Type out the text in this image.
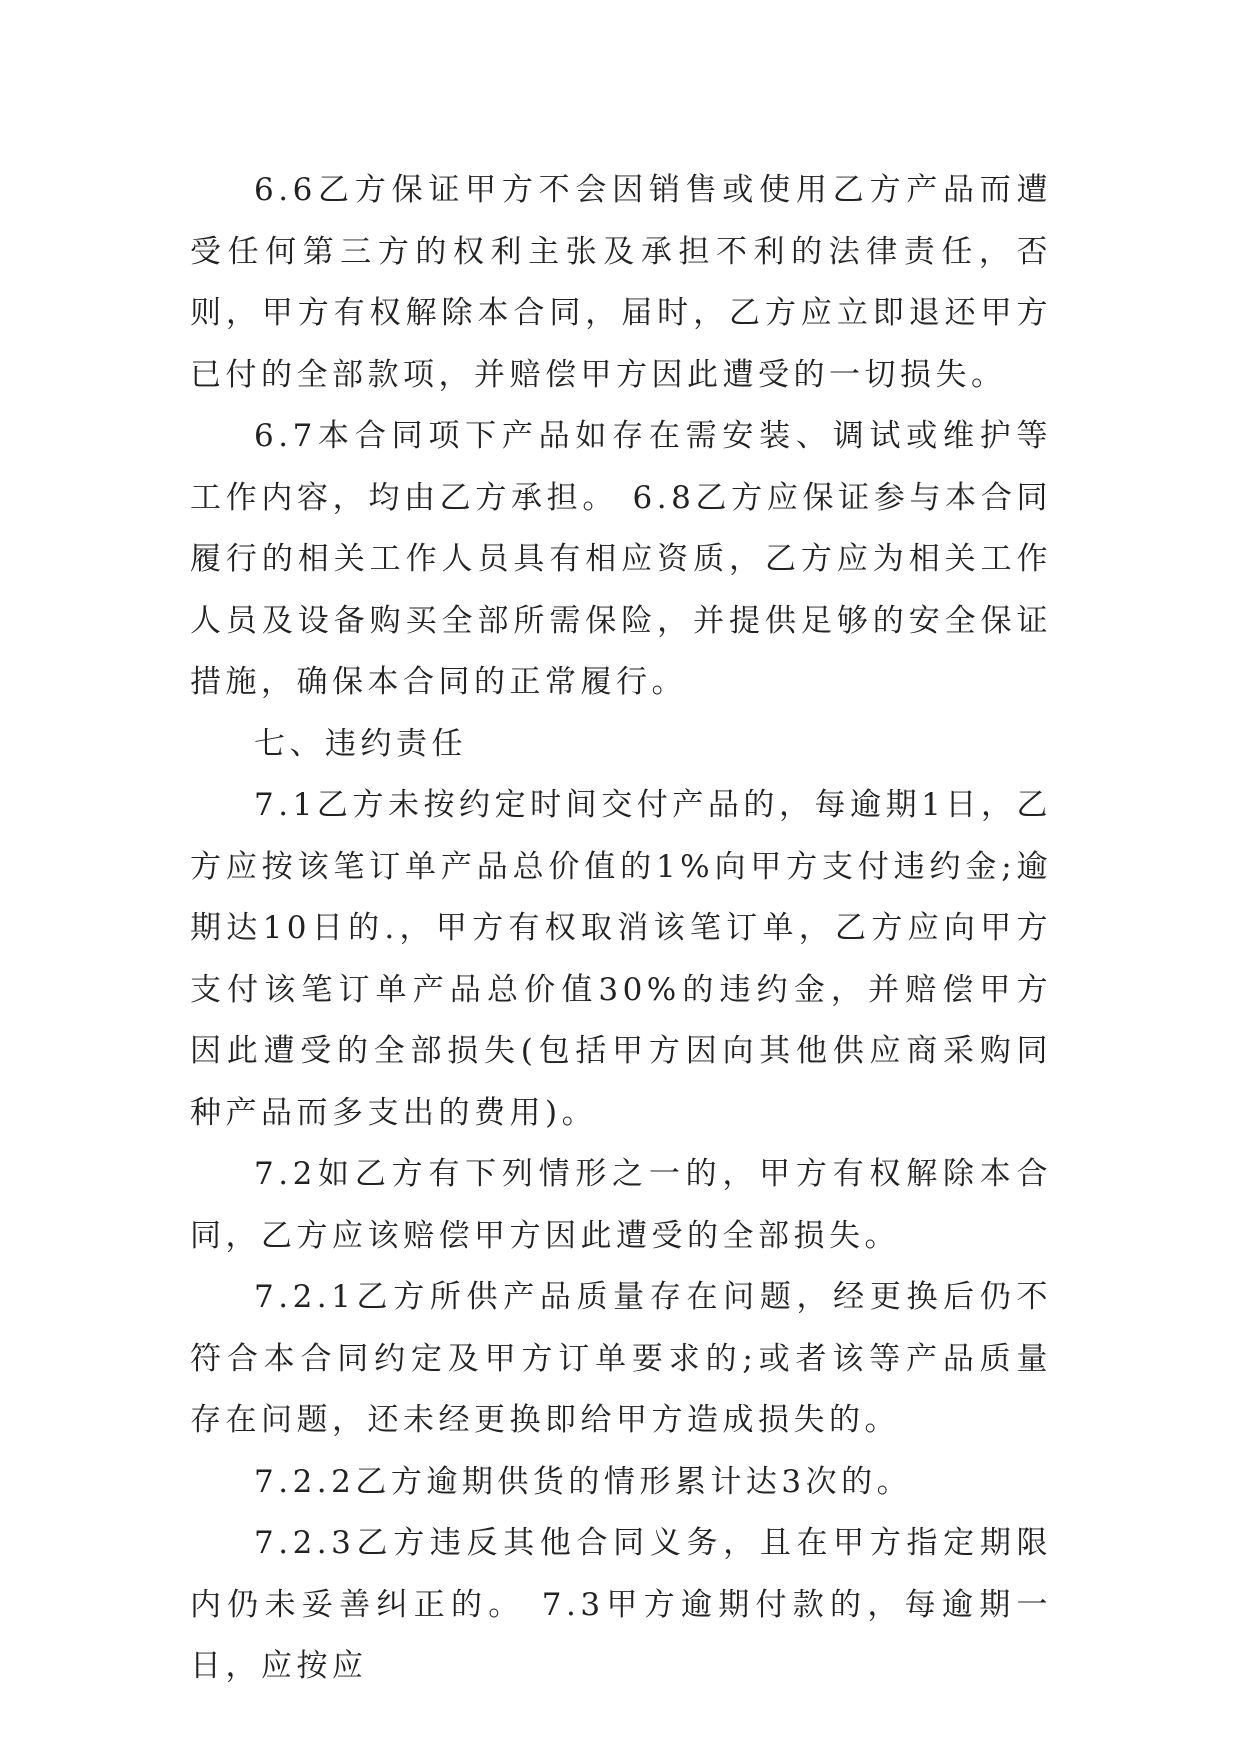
6.6乙方保证甲方不会因销售或使用乙方产品而遭受任何第三方的权利主张及承担不利的法律责任，否则，甲方有权解除本合同，届时，乙方应立即退还甲方已付的全部款项，并赔偿甲方因此遭受的一切损失。

6.7本合同项下产品如存在需安装、调试或维护等工作内容，均由乙方承担。 6.8乙方应保证参与本合同履行的相关工作人员具有相应资质，乙方应为相关工作人员及设备购买全部所需保险，并提供足够的安全保证措施，确保本合同的正常履行。

七、违约责任

7.1乙方未按约定时间交付产品的，每逾期1日，乙方应按该笔订单产品总价值的1%向甲方支付违约金;逾期达10日的.，甲方有权取消该笔订单，乙方应向甲方支付该笔订单产品总价值30%的违约金，并赔偿甲方因此遭受的全部损失(包括甲方因向其他供应商采购同种产品而多支出的费用)。

7.2如乙方有下列情形之一的，甲方有权解除本合同，乙方应该赔偿甲方因此遭受的全部损失。

7.2.1乙方所供产品质量存在问题，经更换后仍不符合本合同约定及甲方订单要求的;或者该等产品质量存在问题，还未经更换即给甲方造成损失的。

7.2.2乙方逾期供货的情形累计达3次的。

7.2.3乙方违反其他合同义务，且在甲方指定期限内仍未妥善纠正的。 7.3甲方逾期付款的，每逾期一日，应按应
